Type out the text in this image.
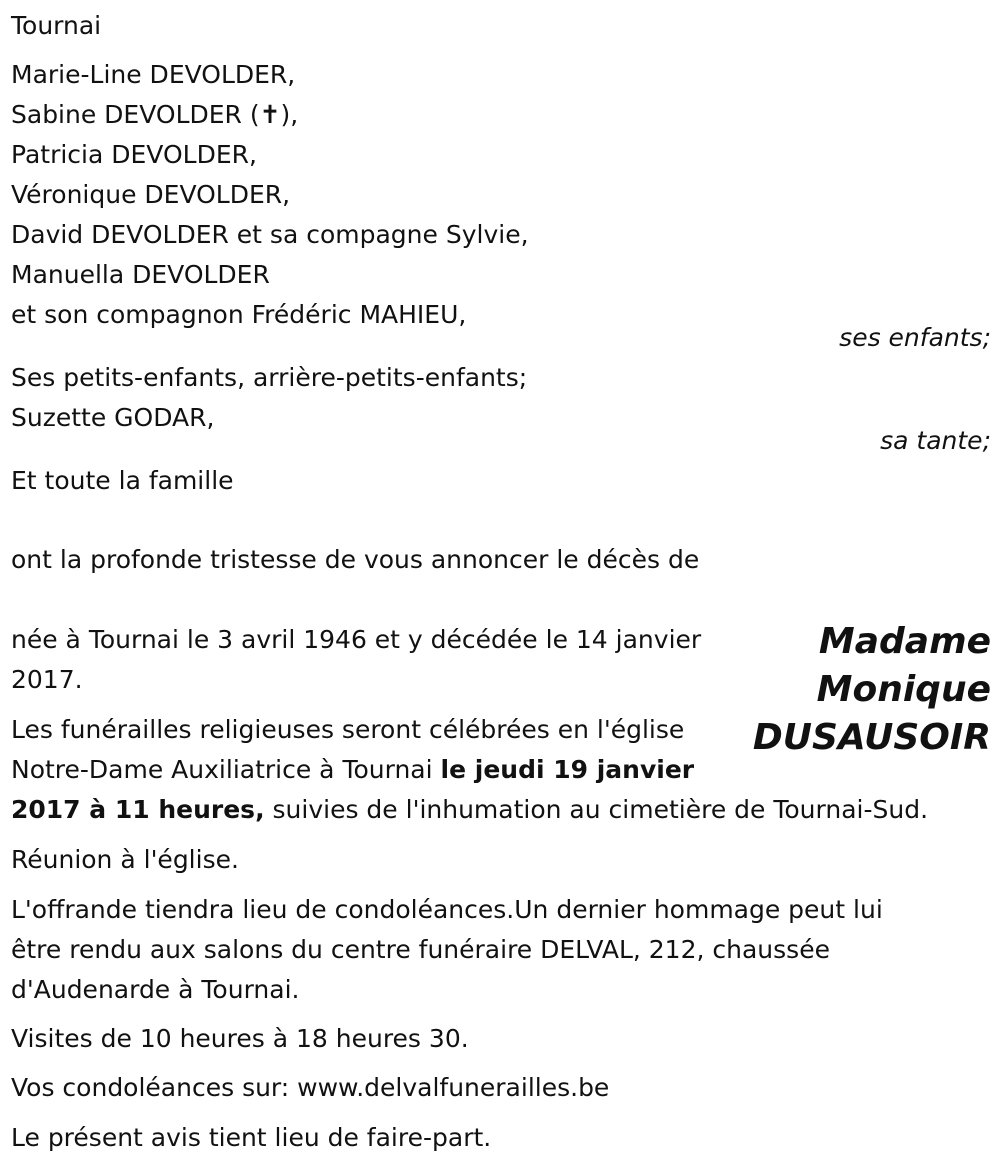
Tournai
Marie-Line DEVOLDER,
Sabine DEVOLDER (✝),
Patricia DEVOLDER,
Véronique DEVOLDER,
David DEVOLDER et sa compagne Sylvie,
Manuella DEVOLDER
et son compagnon Frédéric MAHIEU,
ses enfants;
Ses petits-enfants, arrière-petits-enfants;
Suzette GODAR,
sa tante;
Et toute la famille
ont la profonde tristesse de vous annoncer le décès de
Madame
Monique
DUSAUSOIR
née à Tournai le 3 avril 1946 et y décédée le 14 janvier
2017.
Les funérailles religieuses seront célébrées en l'église
Notre-Dame Auxiliatrice à Tournai le jeudi 19 janvier
2017 à 11 heures, suivies de l'inhumation au cimetière de Tournai-Sud.
Réunion à l'église.
L'offrande tiendra lieu de condoléances.Un dernier hommage peut lui
être rendu aux salons du centre funéraire DELVAL, 212, chaussée
d'Audenarde à Tournai.
Visites de 10 heures à 18 heures 30.
Vos condoléances sur: www.delvalfunerailles.be
Le présent avis tient lieu de faire-part.
